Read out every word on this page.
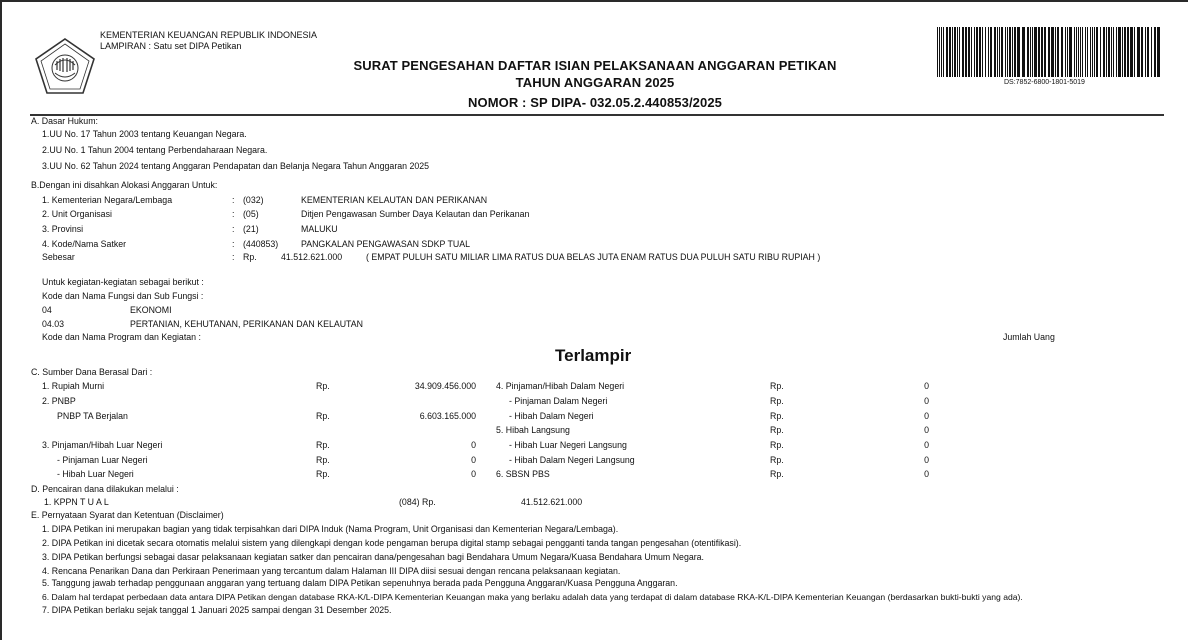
KEMENTERIAN KEUANGAN REPUBLIK INDONESIA
LAMPIRAN : Satu set DIPA Petikan
SURAT PENGESAHAN DAFTAR ISIAN PELAKSANAAN ANGGARAN PETIKAN
TAHUN ANGGARAN 2025
NOMOR : SP DIPA- 032.05.2.440853/2025
DS:7852-6800-1801-5019
A. Dasar Hukum:
1.UU No. 17 Tahun 2003 tentang Keuangan Negara.
2.UU No. 1 Tahun 2004 tentang Perbendaharaan Negara.
3.UU No. 62 Tahun 2024 tentang Anggaran Pendapatan dan Belanja Negara Tahun Anggaran 2025
B.Dengan ini disahkan Alokasi Anggaran Untuk:
1. Kementerian Negara/Lembaga	: (032)	KEMENTERIAN KELAUTAN DAN PERIKANAN
2. Unit Organisasi	: (05)	Ditjen Pengawasan Sumber Daya Kelautan dan Perikanan
3. Provinsi	: (21)	MALUKU
4. Kode/Nama Satker	: (440853)	PANGKALAN PENGAWASAN SDKP TUAL
Sebesar	: Rp.	41.512.621.000	( EMPAT PULUH SATU MILIAR LIMA RATUS DUA BELAS JUTA ENAM RATUS DUA PULUH SATU RIBU RUPIAH )
Untuk kegiatan-kegiatan sebagai berikut :
Kode dan Nama Fungsi dan Sub Fungsi :
04	EKONOMI
04.03	PERTANIAN, KEHUTANAN, PERIKANAN DAN KELAUTAN
Kode dan Nama Program dan Kegiatan :	Jumlah Uang
Terlampir
C. Sumber Dana Berasal Dari :
1. Rupiah Murni	Rp.	34.909.456.000
2. PNBP
PNBP TA Berjalan	Rp.	6.603.165.000
3. Pinjaman/Hibah Luar Negeri	Rp.	0
- Pinjaman Luar Negeri	Rp.	0
- Hibah Luar Negeri	Rp.	0
4. Pinjaman/Hibah Dalam Negeri	Rp.	0
- Pinjaman Dalam Negeri	Rp.	0
- Hibah Dalam Negeri	Rp.	0
5. Hibah Langsung	Rp.	0
- Hibah Luar Negeri Langsung	Rp.	0
- Hibah Dalam Negeri Langsung	Rp.	0
6. SBSN PBS	Rp.	0
D. Pencairan dana dilakukan melalui :
1. KPPN T U A L	(084) Rp.	41.512.621.000
E. Pernyataan Syarat dan Ketentuan (Disclaimer)
1. DIPA Petikan ini merupakan bagian yang tidak terpisahkan dari DIPA Induk (Nama Program, Unit Organisasi dan Kementerian Negara/Lembaga).
2. DIPA Petikan ini dicetak secara otomatis melalui sistem yang dilengkapi dengan kode pengaman berupa digital stamp sebagai pengganti tanda tangan pengesahan (otentifikasi).
3. DIPA Petikan berfungsi sebagai dasar pelaksanaan kegiatan satker dan pencairan dana/pengesahan bagi Bendahara Umum Negara/Kuasa Bendahara Umum Negara.
4. Rencana Penarikan Dana dan Perkiraan Penerimaan yang tercantum dalam Halaman III DIPA diisi sesuai dengan rencana pelaksanaan kegiatan.
5. Tanggung jawab terhadap penggunaan anggaran yang tertuang dalam DIPA Petikan sepenuhnya berada pada Pengguna Anggaran/Kuasa Pengguna Anggaran.
6. Dalam hal terdapat perbedaan data antara DIPA Petikan dengan database RKA-K/L-DIPA Kementerian Keuangan maka yang berlaku adalah data yang terdapat di dalam database RKA-K/L-DIPA Kementerian Keuangan (berdasarkan bukti-bukti yang ada).
7. DIPA Petikan berlaku sejak tanggal 1 Januari 2025 sampai dengan 31 Desember 2025.
